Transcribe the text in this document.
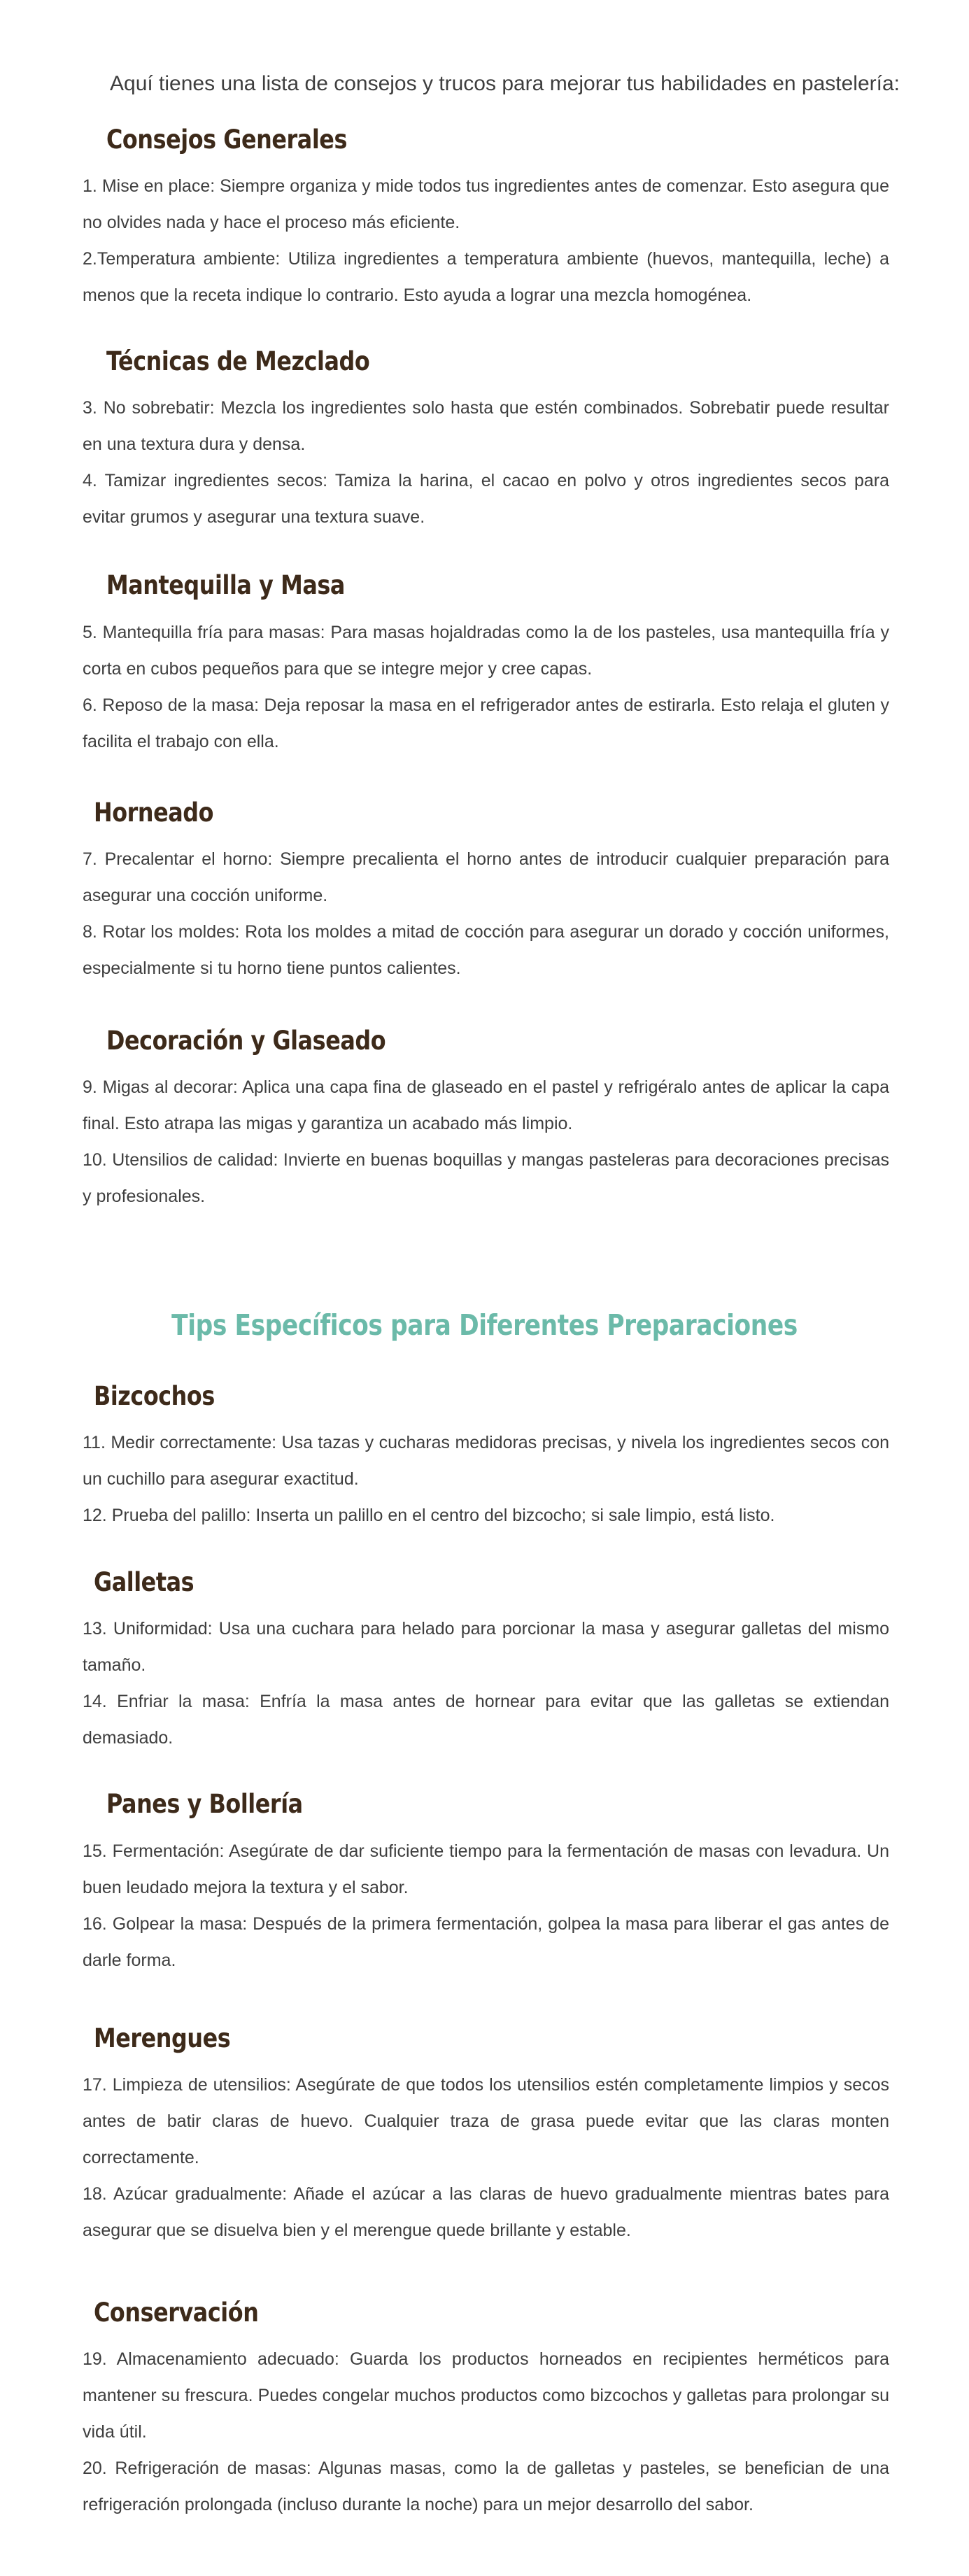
Aquí tienes una lista de consejos y trucos para mejorar tus habilidades en pastelería:
Consejos Generales
1. Mise en place: Siempre organiza y mide todos tus ingredientes antes de comenzar. Esto asegura que no olvides nada y hace el proceso más eficiente.
2.Temperatura ambiente: Utiliza ingredientes a temperatura ambiente (huevos, mantequilla, leche) a menos que la receta indique lo contrario. Esto ayuda a lograr una mezcla homogénea.
Técnicas de Mezclado
3. No sobrebatir: Mezcla los ingredientes solo hasta que estén combinados. Sobrebatir puede resultar en una textura dura y densa.
4. Tamizar ingredientes secos: Tamiza la harina, el cacao en polvo y otros ingredientes secos para evitar grumos y asegurar una textura suave.
Mantequilla y Masa
5. Mantequilla fría para masas: Para masas hojaldradas como la de los pasteles, usa mantequilla fría y corta en cubos pequeños para que se integre mejor y cree capas.
6. Reposo de la masa: Deja reposar la masa en el refrigerador antes de estirarla. Esto relaja el gluten y facilita el trabajo con ella.
Horneado
7. Precalentar el horno: Siempre precalienta el horno antes de introducir cualquier preparación para asegurar una cocción uniforme.
8. Rotar los moldes: Rota los moldes a mitad de cocción para asegurar un dorado y cocción uniformes, especialmente si tu horno tiene puntos calientes.
Decoración y Glaseado
9. Migas al decorar: Aplica una capa fina de glaseado en el pastel y refrigéralo antes de aplicar la capa final. Esto atrapa las migas y garantiza un acabado más limpio.
10. Utensilios de calidad: Invierte en buenas boquillas y mangas pasteleras para decoraciones precisas y profesionales.
Tips Específicos para Diferentes Preparaciones
Bizcochos
11. Medir correctamente: Usa tazas y cucharas medidoras precisas, y nivela los ingredientes secos con un cuchillo para asegurar exactitud.
12. Prueba del palillo: Inserta un palillo en el centro del bizcocho; si sale limpio, está listo.
Galletas
13. Uniformidad: Usa una cuchara para helado para porcionar la masa y asegurar galletas del mismo tamaño.
14. Enfriar la masa: Enfría la masa antes de hornear para evitar que las galletas se extiendan demasiado.
Panes y Bollería
15. Fermentación: Asegúrate de dar suficiente tiempo para la fermentación de masas con levadura. Un buen leudado mejora la textura y el sabor.
16. Golpear la masa: Después de la primera fermentación, golpea la masa para liberar el gas antes de darle forma.
Merengues
17. Limpieza de utensilios: Asegúrate de que todos los utensilios estén completamente limpios y secos antes de batir claras de huevo. Cualquier traza de grasa puede evitar que las claras monten correctamente.
18. Azúcar gradualmente: Añade el azúcar a las claras de huevo gradualmente mientras bates para asegurar que se disuelva bien y el merengue quede brillante y estable.
Conservación
19. Almacenamiento adecuado: Guarda los productos horneados en recipientes herméticos para mantener su frescura. Puedes congelar muchos productos como bizcochos y galletas para prolongar su vida útil.
20. Refrigeración de masas: Algunas masas, como la de galletas y pasteles, se benefician de una refrigeración prolongada (incluso durante la noche) para un mejor desarrollo del sabor.
